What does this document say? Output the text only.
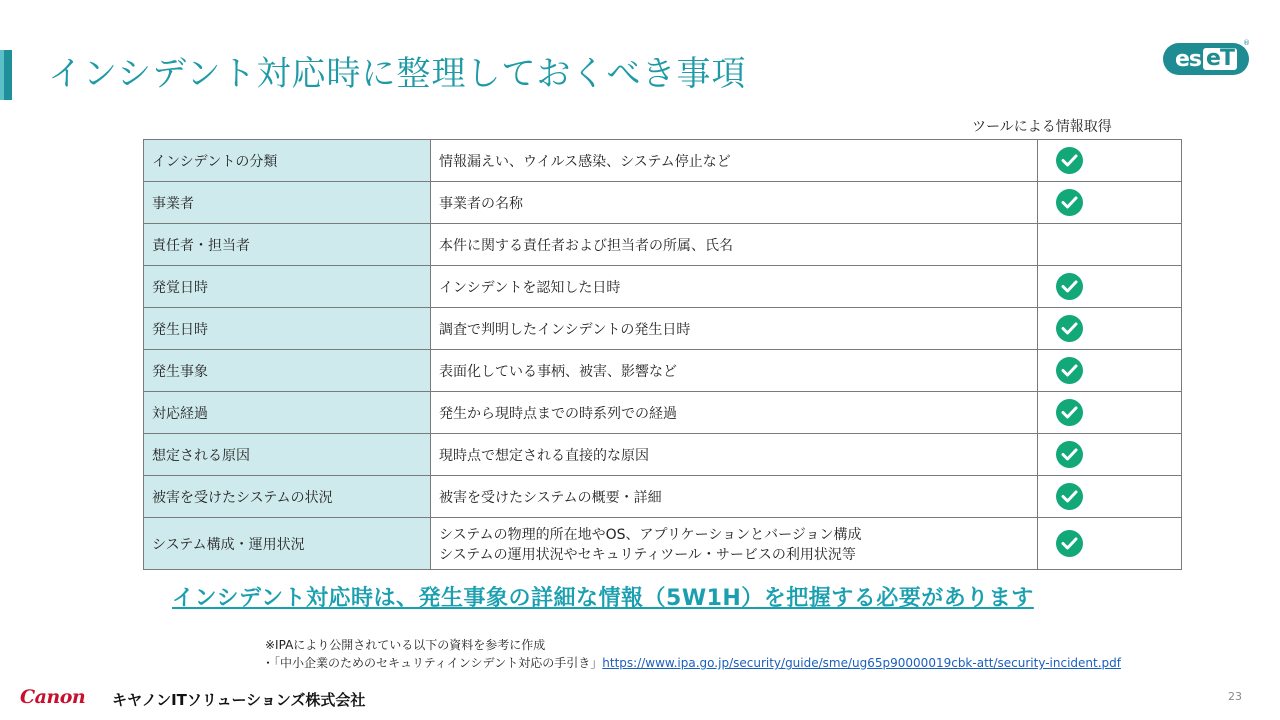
インシデント対応時に整理しておくべき事項	es eT
®
ツールによる情報取得
インシデントの分類	情報漏えい、ウイルス感染、システム停止など	

事業者	事業者の名称	

責任者・担当者	本件に関する責任者および担当者の所属、氏名	
発覚日時	インシデントを認知した日時	

発生日時	調査で判明したインシデントの発生日時	

発生事象	表面化している事柄、被害、影響など	

対応経過	発生から現時点までの時系列での経過	

想定される原因	現時点で想定される直接的な原因	

被害を受けたシステムの状況	被害を受けたシステムの概要・詳細	

システム構成・運用状況	システムの物理的所在地やOS、アプリケーションとバージョン構成
システムの運用状況やセキュリティツール・サービスの利用状況等

インシデント対応時は、発生事象の詳細な情報（5W1H）を把握する必要があります
※IPAにより公開されている以下の資料を参考に作成
・「中小企業のためのセキュリティインシデント対応の手引き」https://www.ipa.go.jp/security/guide/sme/ug65p90000019cbk-att/security-incident.pdf
Canon キヤノンITソリューションズ株式会社	23
